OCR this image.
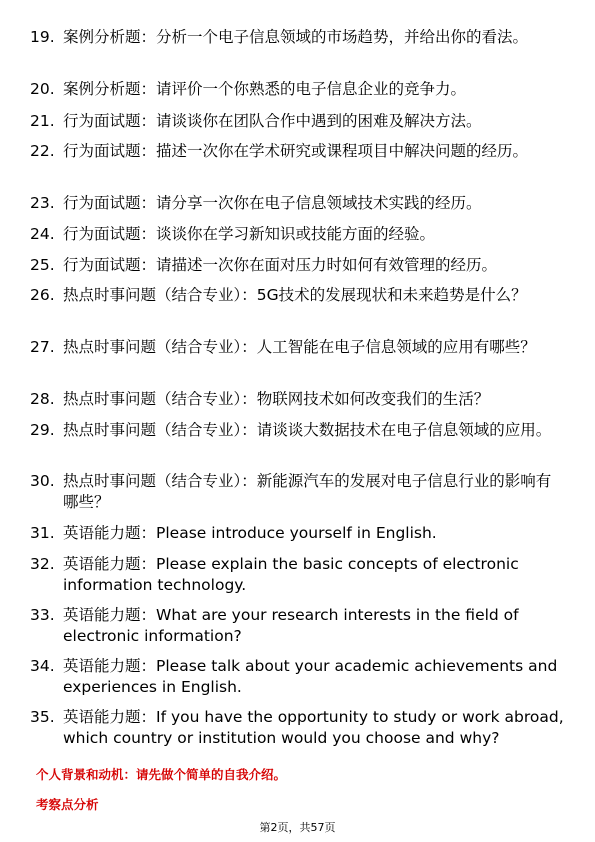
19. 案例分析题：分析一个电子信息领域的市场趋势，并给出你的看法。
20. 案例分析题：请评价一个你熟悉的电子信息企业的竞争力。
21. 行为面试题：请谈谈你在团队合作中遇到的困难及解决方法。
22. 行为面试题：描述一次你在学术研究或课程项目中解决问题的经历。
23. 行为面试题：请分享一次你在电子信息领域技术实践的经历。
24. 行为面试题：谈谈你在学习新知识或技能方面的经验。
25. 行为面试题：请描述一次你在面对压力时如何有效管理的经历。
26. 热点时事问题（结合专业）：5G技术的发展现状和未来趋势是什么？
27. 热点时事问题（结合专业）：人工智能在电子信息领域的应用有哪些？
28. 热点时事问题（结合专业）：物联网技术如何改变我们的生活？
29. 热点时事问题（结合专业）：请谈谈大数据技术在电子信息领域的应用。
30. 热点时事问题（结合专业）：新能源汽车的发展对电子信息行业的影响有哪些？
31. 英语能力题：Please introduce yourself in English.
32. 英语能力题：Please explain the basic concepts of electronic information technology.
33. 英语能力题：What are your research interests in the field of electronic information?
34. 英语能力题：Please talk about your academic achievements and experiences in English.
35. 英语能力题：If you have the opportunity to study or work abroad, which country or institution would you choose and why?
个人背景和动机：请先做个简单的自我介绍。
考察点分析
第2页，共57页
